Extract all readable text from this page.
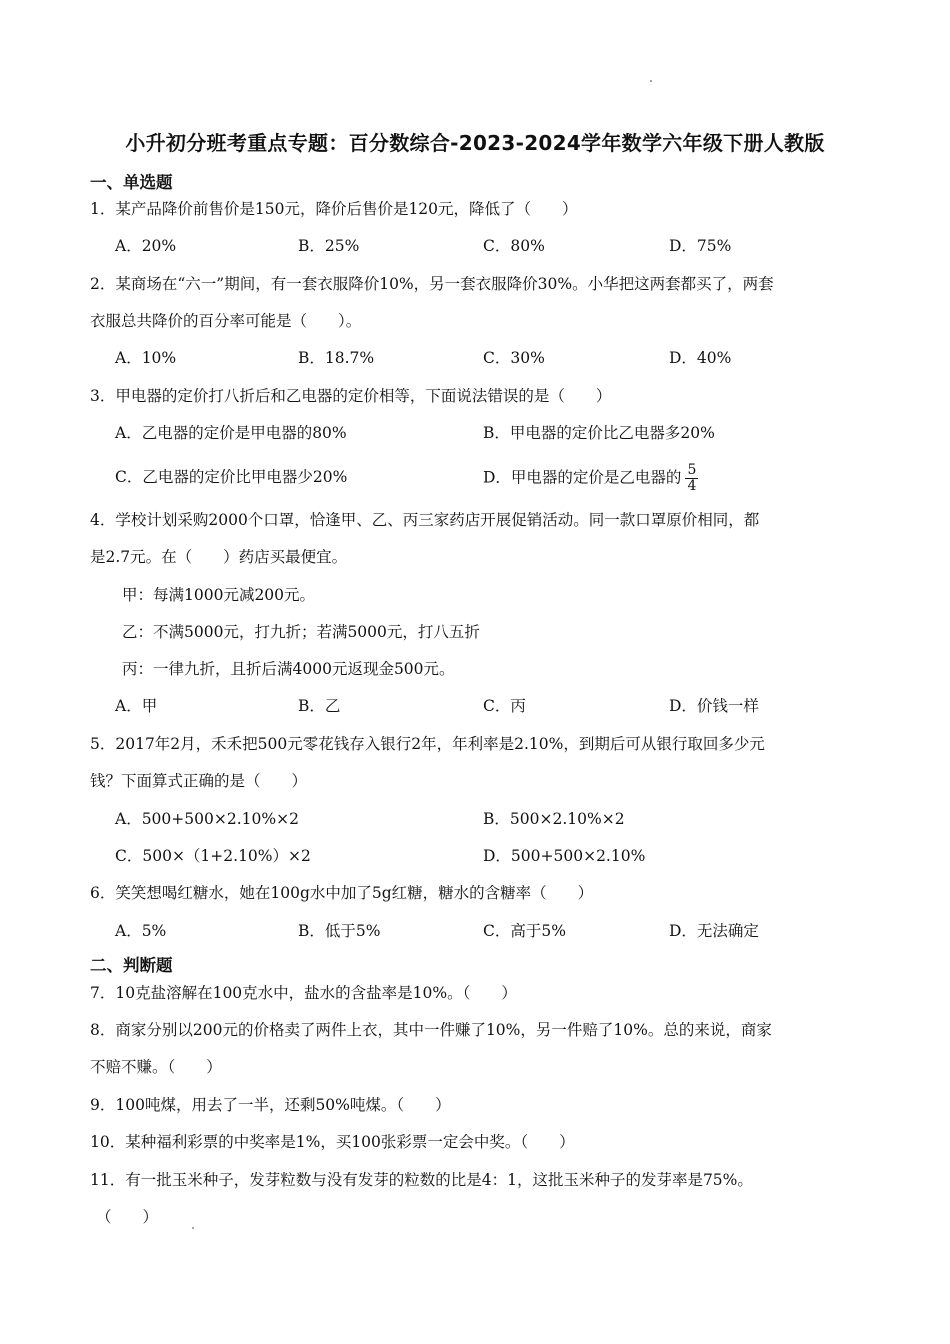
小升初分班考重点专题：百分数综合-2023-2024学年数学六年级下册人教版
一、单选题
1．某产品降价前售价是150元，降价后售价是120元，降低了（　　）
A．20%	B．25%	C．80%	D．75%
2．某商场在“六一”期间，有一套衣服降价10%，另一套衣服降价30%。小华把这两套都买了，两套
衣服总共降价的百分率可能是（　　）。
A．10%	B．18.7%	C．30%	D．40%
3．甲电器的定价打八折后和乙电器的定价相等，下面说法错误的是（　　）
A．乙电器的定价是甲电器的80%	B．甲电器的定价比乙电器多20%
C．乙电器的定价比甲电器少20%	D．甲电器的定价是乙电器的 $\frac{5}{4}$
4．学校计划采购2000个口罩，恰逢甲、乙、丙三家药店开展促销活动。同一款口罩原价相同，都
是2.7元。在（　　）药店买最便宜。
甲：每满1000元减200元。
乙：不满5000元，打九折；若满5000元，打八五折
丙：一律九折，且折后满4000元返现金500元。
A．甲	B．乙	C．丙	D．价钱一样
5．2017年2月，禾禾把500元零花钱存入银行2年，年利率是2.10%，到期后可从银行取回多少元
钱？下面算式正确的是（　　）
A．500+500×2.10%×2	B．500×2.10%×2
C．500×（1+2.10%）×2	D．500+500×2.10%
6．笑笑想喝红糖水，她在100g水中加了5g红糖，糖水的含糖率（　　）
A．5%	B．低于5%	C．高于5%	D．无法确定
二、判断题
7．10克盐溶解在100克水中，盐水的含盐率是10%。（　　）
8．商家分别以200元的价格卖了两件上衣，其中一件赚了10%，另一件赔了10%。总的来说，商家
不赔不赚。（　　）
9．100吨煤，用去了一半，还剩50%吨煤。（　　）
10．某种福利彩票的中奖率是1%，买100张彩票一定会中奖。（　　）
11．有一批玉米种子，发芽粒数与没有发芽的粒数的比是4：1，这批玉米种子的发芽率是75%。
（　　）
